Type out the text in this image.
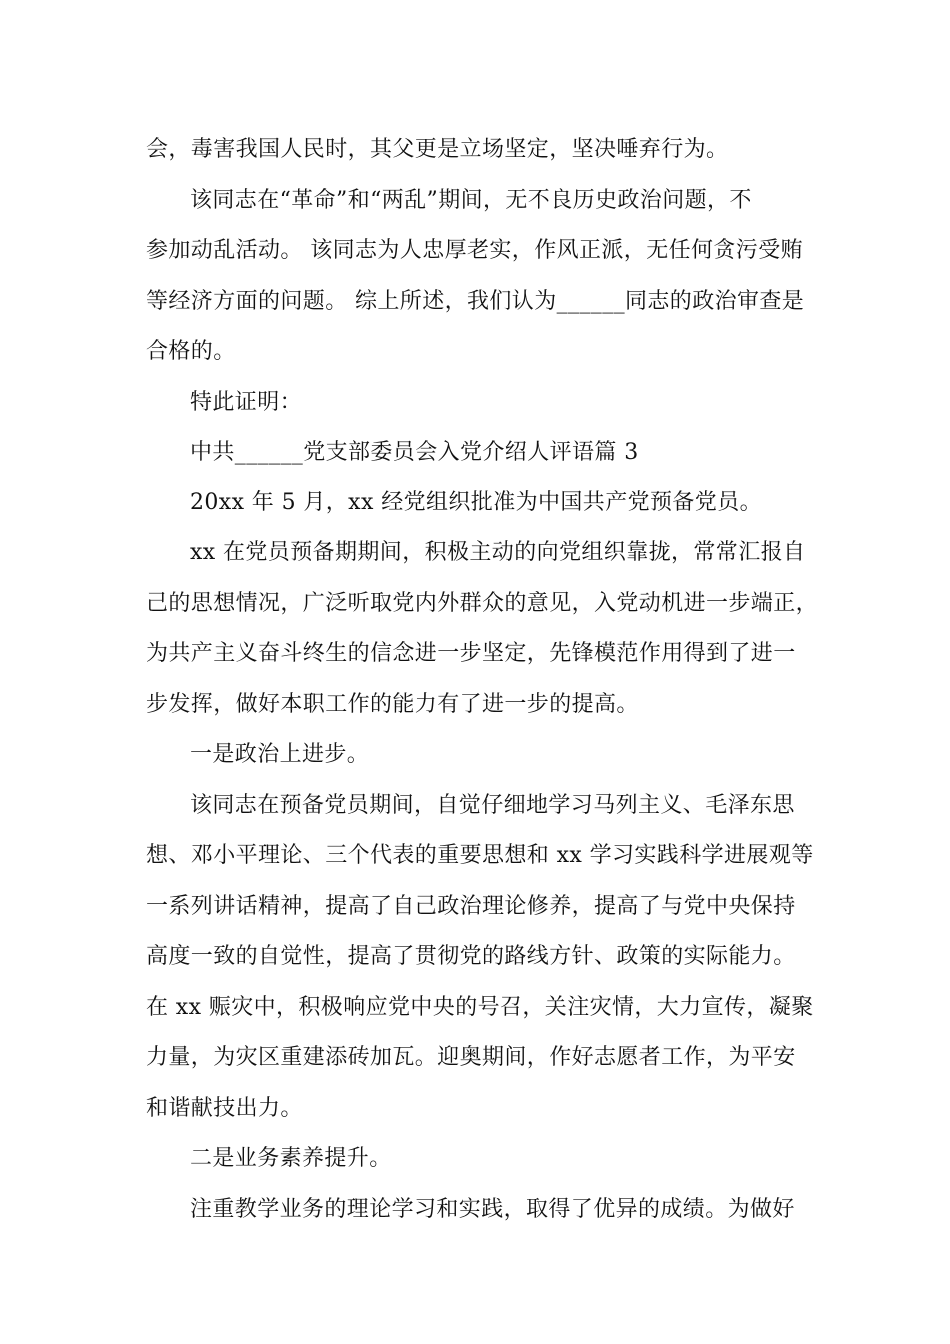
会，毒害我国人民时，其父更是立场坚定，坚决唾弃行为。
该同志在“革命”和“两乱”期间，无不良历史政治问题，不
参加动乱活动。 该同志为人忠厚老实，作风正派，无任何贪污受贿
等经济方面的问题。 综上所述，我们认为______同志的政治审查是
合格的。
特此证明：
中共______党支部委员会入党介绍人评语篇 3
20xx 年 5 月，xx 经党组织批准为中国共产党预备党员。
xx 在党员预备期期间，积极主动的向党组织靠拢，常常汇报自
己的思想情况，广泛听取党内外群众的意见，入党动机进一步端正，
为共产主义奋斗终生的信念进一步坚定，先锋模范作用得到了进一
步发挥，做好本职工作的能力有了进一步的提高。
一是政治上进步。
该同志在预备党员期间，自觉仔细地学习马列主义、毛泽东思
想、邓小平理论、三个代表的重要思想和 xx 学习实践科学进展观等
一系列讲话精神，提高了自己政治理论修养，提高了与党中央保持
高度一致的自觉性，提高了贯彻党的路线方针、政策的实际能力。
在 xx 赈灾中，积极响应党中央的号召，关注灾情，大力宣传，凝聚
力量，为灾区重建添砖加瓦。迎奥期间，作好志愿者工作，为平安
和谐献技出力。
二是业务素养提升。
注重教学业务的理论学习和实践，取得了优异的成绩。为做好
